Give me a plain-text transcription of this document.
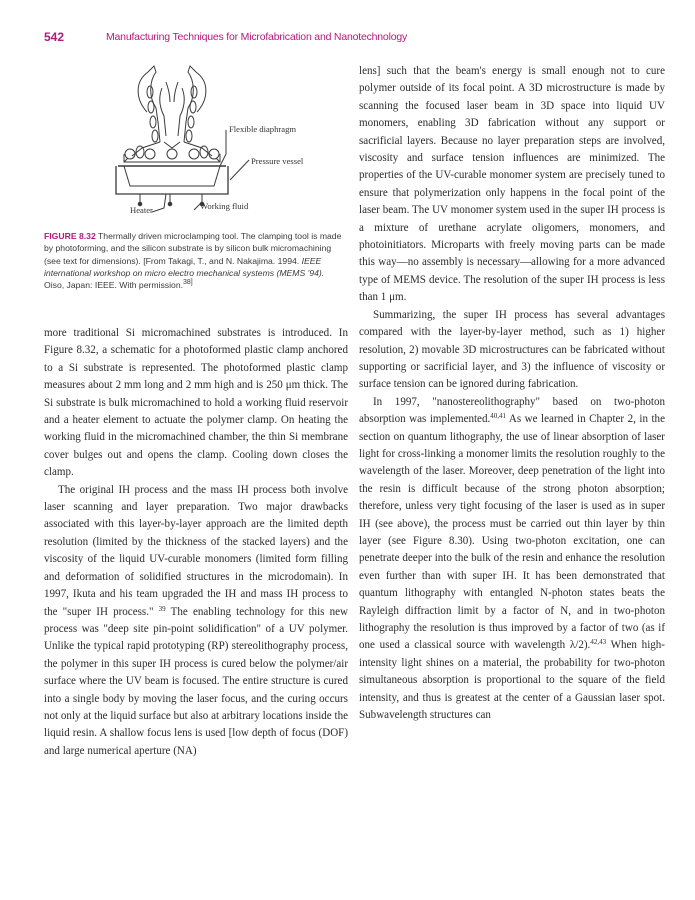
542	Manufacturing Techniques for Microfabrication and Nanotechnology
Flexible diaphragm
Pressure vessel
Working fluid
Heater
FIGURE 8.32 Thermally driven microclamping tool. The clamping tool is made by photoforming, and the silicon substrate is by silicon bulk micromachining (see text for dimensions). [From Takagi, T., and N. Nakajima. 1994. IEEE international workshop on micro electro mechanical systems (MEMS '94). Oiso, Japan: IEEE. With permission.$^{38]}$

more traditional Si micromachined substrates is introduced. In Figure 8.32, a schematic for a photoformed plastic clamp anchored to a Si substrate is represented. The photoformed plastic clamp measures about 2 mm long and 2 mm high and is 250 μm thick. The Si substrate is bulk micromachined to hold a working fluid reservoir and a heater element to actuate the polymer clamp. On heating the working fluid in the micromachined chamber, the thin Si membrane cover bulges out and opens the clamp. Cooling down closes the clamp.

The original IH process and the mass IH process both involve laser scanning and layer preparation. Two major drawbacks associated with this layer-by-layer approach are the limited depth resolution (limited by the thickness of the stacked layers) and the viscosity of the liquid UV-curable monomers (limited form filling and deformation of solidified structures in the microdomain). In 1997, Ikuta and his team upgraded the IH and mass IH process to the "super IH process." $^{39}$ The enabling technology for this new process was "deep site pin-point solidification" of a UV polymer. Unlike the typical rapid prototyping (RP) stereolithography process, the polymer in this super IH process is cured below the polymer/air surface where the UV beam is focused. The entire structure is cured into a single body by moving the laser focus, and the curing occurs not only at the liquid surface but also at arbitrary locations inside the liquid resin. A shallow focus lens is used [low depth of focus (DOF) and large numerical aperture (NA)

lens] such that the beam's energy is small enough not to cure polymer outside of its focal point. A 3D microstructure is made by scanning the focused laser beam in 3D space into liquid UV monomers, enabling 3D fabrication without any support or sacrificial layers. Because no layer preparation steps are involved, viscosity and surface tension influences are minimized. The properties of the UV-curable monomer system are precisely tuned to ensure that polymerization only happens in the focal point of the laser beam. The UV monomer system used in the super IH process is a mixture of urethane acrylate oligomers, monomers, and photoinitiators. Microparts with freely moving parts can be made this way—no assembly is necessary—allowing for a more advanced type of MEMS device. The resolution of the super IH process is less than 1 μm.

Summarizing, the super IH process has several advantages compared with the layer-by-layer method, such as 1) higher resolution, 2) movable 3D microstructures can be fabricated without supporting or sacrificial layer, and 3) the influence of viscosity or surface tension can be ignored during fabrication.

In 1997, "nanostereolithography" based on two-photon absorption was implemented.$^{40,41}$ As we learned in Chapter 2, in the section on quantum lithography, the use of linear absorption of laser light for cross-linking a monomer limits the resolution roughly to the wavelength of the laser. Moreover, deep penetration of the light into the resin is difficult because of the strong photon absorption; therefore, unless very tight focusing of the laser is used as in super IH (see above), the process must be carried out thin layer by thin layer (see Figure 8.30). Using two-photon excitation, one can penetrate deeper into the bulk of the resin and enhance the resolution even further than with super IH. It has been demonstrated that quantum lithography with entangled N-photon states beats the Rayleigh diffraction limit by a factor of N, and in two-photon lithography the resolution is thus improved by a factor of two (as if one used a classical source with wavelength λ/2).$^{42,43}$ When high-intensity light shines on a material, the probability for two-photon simultaneous absorption is proportional to the square of the field intensity, and thus is greatest at the center of a Gaussian laser spot. Subwavelength structures can
